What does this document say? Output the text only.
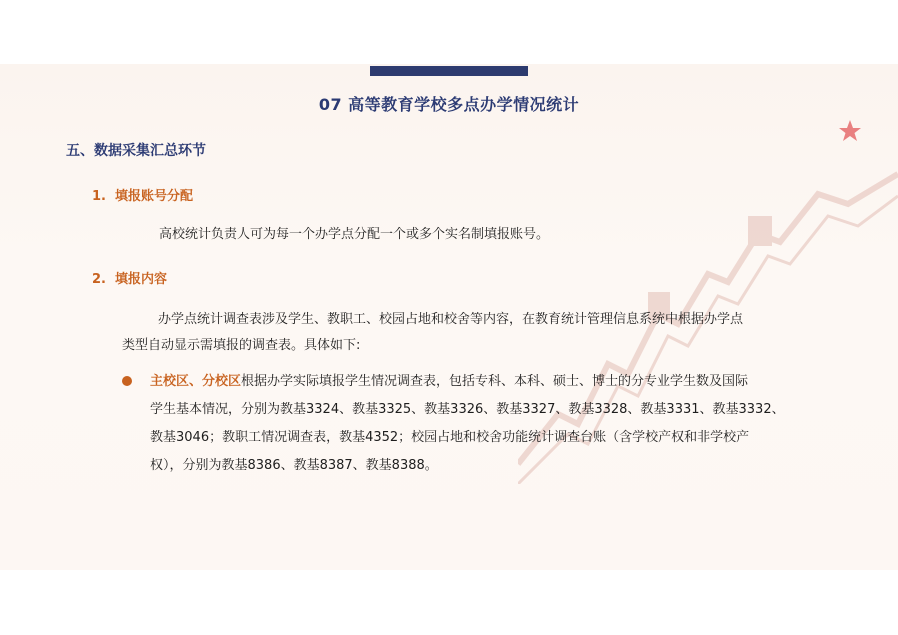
07 高等教育学校多点办学情况统计
五、数据采集汇总环节
1. 填报账号分配
高校统计负责人可为每一个办学点分配一个或多个实名制填报账号。
2. 填报内容
办学点统计调查表涉及学生、教职工、校园占地和校舍等内容，在教育统计管理信息系统中根据办学点
类型自动显示需填报的调查表。具体如下:
主校区、分校区根据办学实际填报学生情况调查表，包括专科、本科、硕士、博士的分专业学生数及国际
学生基本情况，分别为教基3324、教基3325、教基3326、教基3327、教基3328、教基3331、教基3332、
教基3046；教职工情况调查表，教基4352；校园占地和校舍功能统计调查台账（含学校产权和非学校产
权），分别为教基8386、教基8387、教基8388。
